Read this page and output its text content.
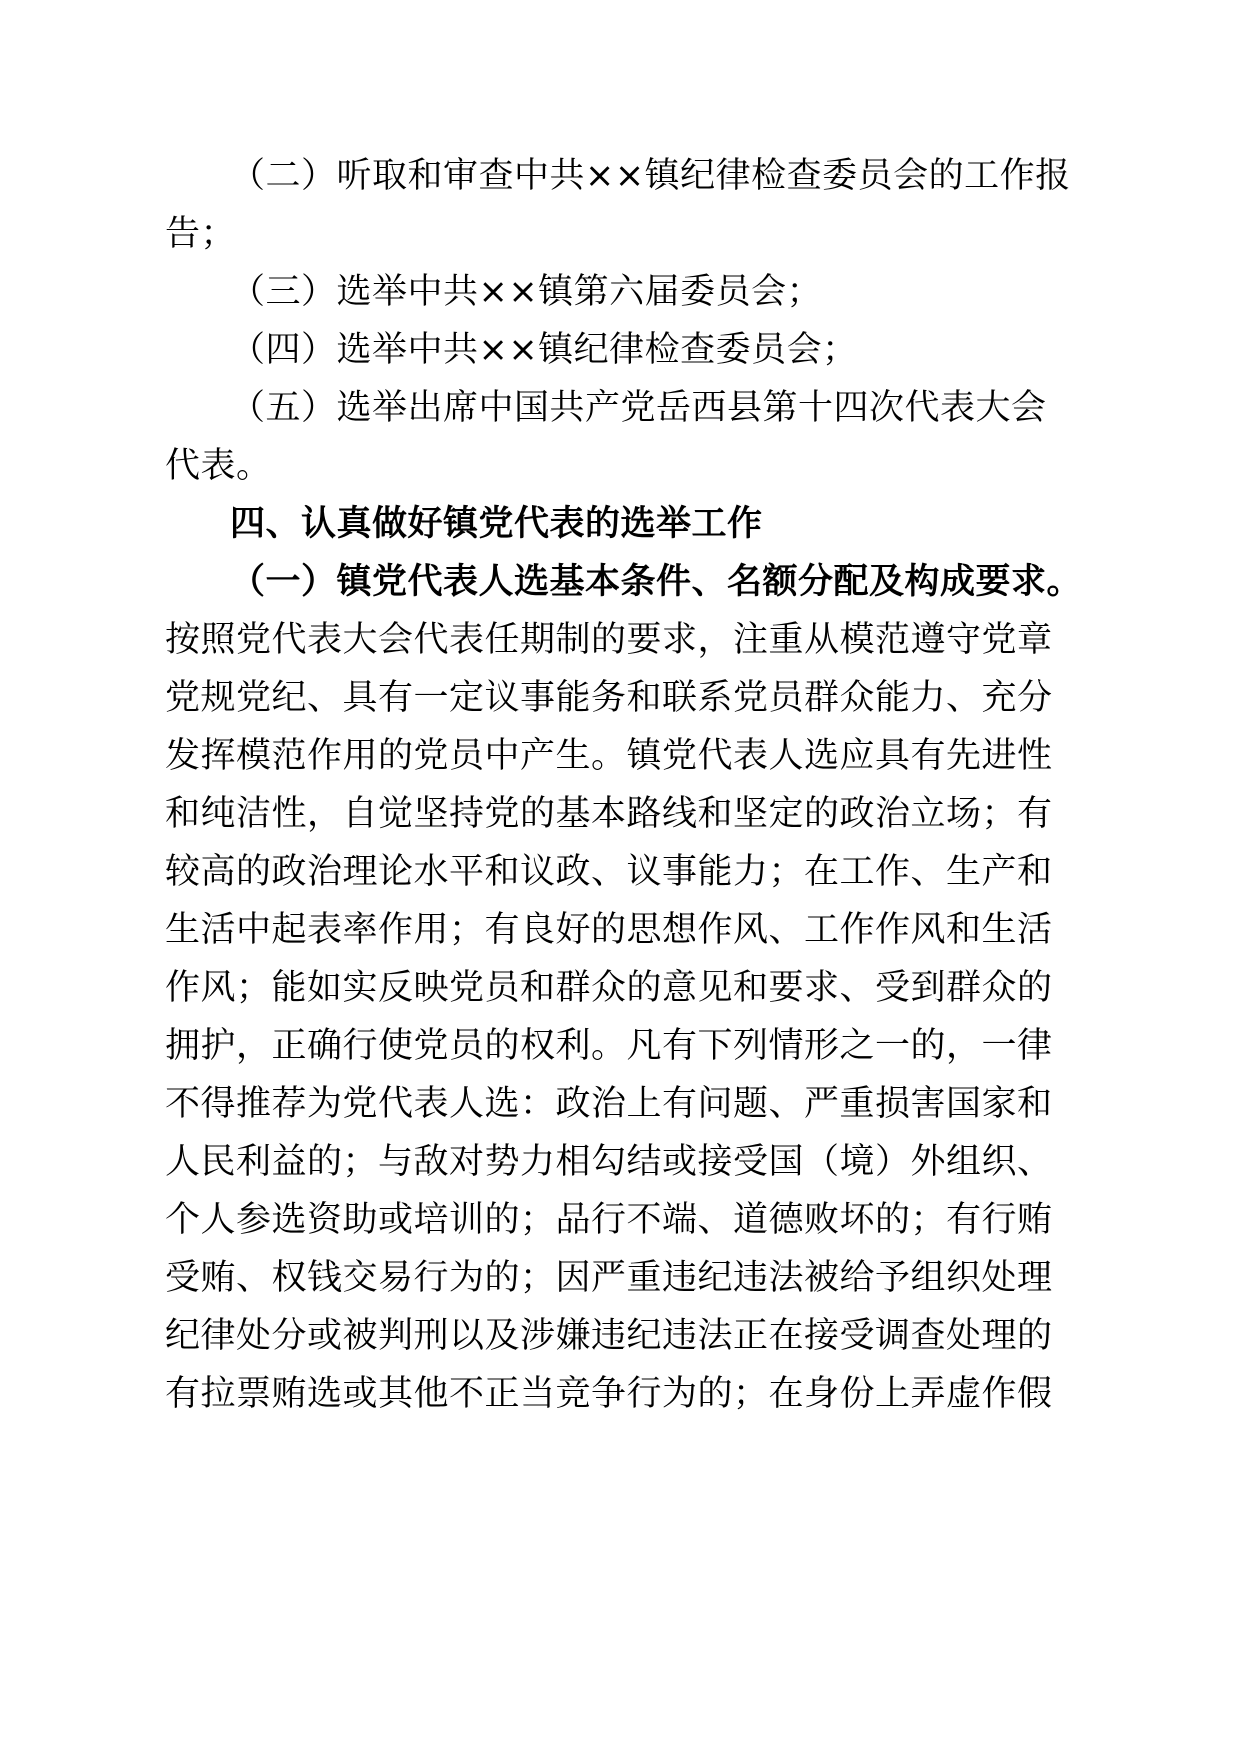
（二）听取和审查中共××镇纪律检查委员会的工作报
告；
（三）选举中共××镇第六届委员会；
（四）选举中共××镇纪律检查委员会；
（五）选举出席中国共产党岳西县第十四次代表大会
代表。
四、认真做好镇党代表的选举工作
（一）镇党代表人选基本条件、名额分配及构成要求。
按照党代表大会代表任期制的要求，注重从模范遵守党章
党规党纪、具有一定议事能务和联系党员群众能力、充分
发挥模范作用的党员中产生。镇党代表人选应具有先进性
和纯洁性，自觉坚持党的基本路线和坚定的政治立场；有
较高的政治理论水平和议政、议事能力；在工作、生产和
生活中起表率作用；有良好的思想作风、工作作风和生活
作风；能如实反映党员和群众的意见和要求、受到群众的
拥护，正确行使党员的权利。凡有下列情形之一的，一律
不得推荐为党代表人选：政治上有问题、严重损害国家和
人民利益的；与敌对势力相勾结或接受国（境）外组织、
个人参选资助或培训的；品行不端、道德败坏的；有行贿
受贿、权钱交易行为的；因严重违纪违法被给予组织处理
纪律处分或被判刑以及涉嫌违纪违法正在接受调查处理的
有拉票贿选或其他不正当竞争行为的；在身份上弄虚作假
